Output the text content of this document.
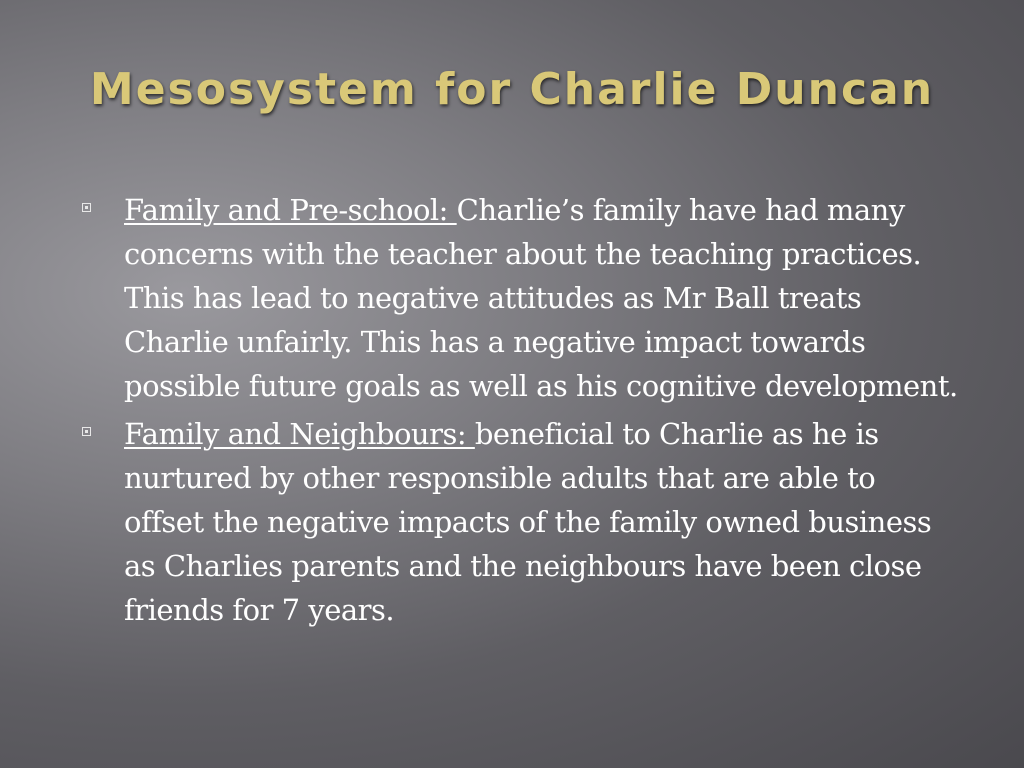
Mesosystem for Charlie Duncan
Family and Pre-school: Charlie’s family have had many concerns with the teacher about the teaching practices. This has lead to negative attitudes as Mr Ball treats Charlie unfairly. This has a negative impact towards possible future goals as well as his cognitive development.
Family and Neighbours: beneficial to Charlie as he is nurtured by other responsible adults that are able to offset the negative impacts of the family owned business as Charlies parents and the neighbours have been close friends for 7 years.
